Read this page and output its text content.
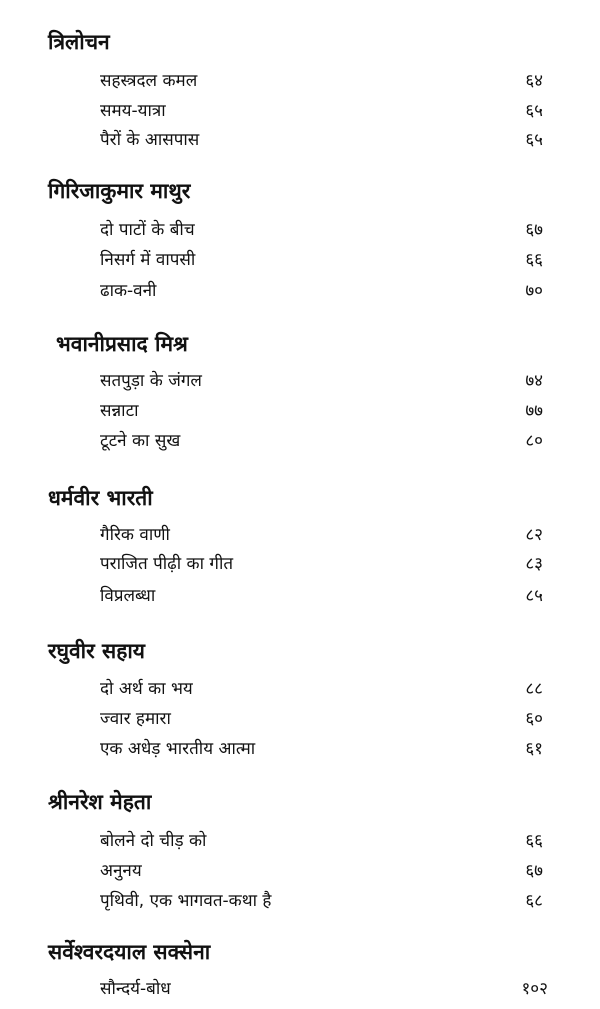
त्रिलोचन
सहस्त्रदल कमल	६४
समय-यात्रा	६५
पैरों के आसपास	६५
गिरिजाकुमार माथुर
दो पाटों के बीच	६७
निसर्ग में वापसी	६६
ढाक-वनी	७०
भवानीप्रसाद मिश्र
सतपुड़ा के जंगल	७४
सन्नाटा	७७
टूटने का सुख	८०
धर्मवीर भारती
गैरिक वाणी	८२
पराजित पीढ़ी का गीत	८३
विप्रलब्धा	८५
रघुवीर सहाय
दो अर्थ का भय	८८
ज्वार हमारा	६०
एक अधेड़ भारतीय आत्मा	६१
श्रीनरेश मेहता
बोलने दो चीड़ को	६६
अनुनय	६७
पृथिवी, एक भागवत-कथा है	६८
सर्वेश्वरदयाल सक्सेना
सौन्दर्य-बोध	१०२
